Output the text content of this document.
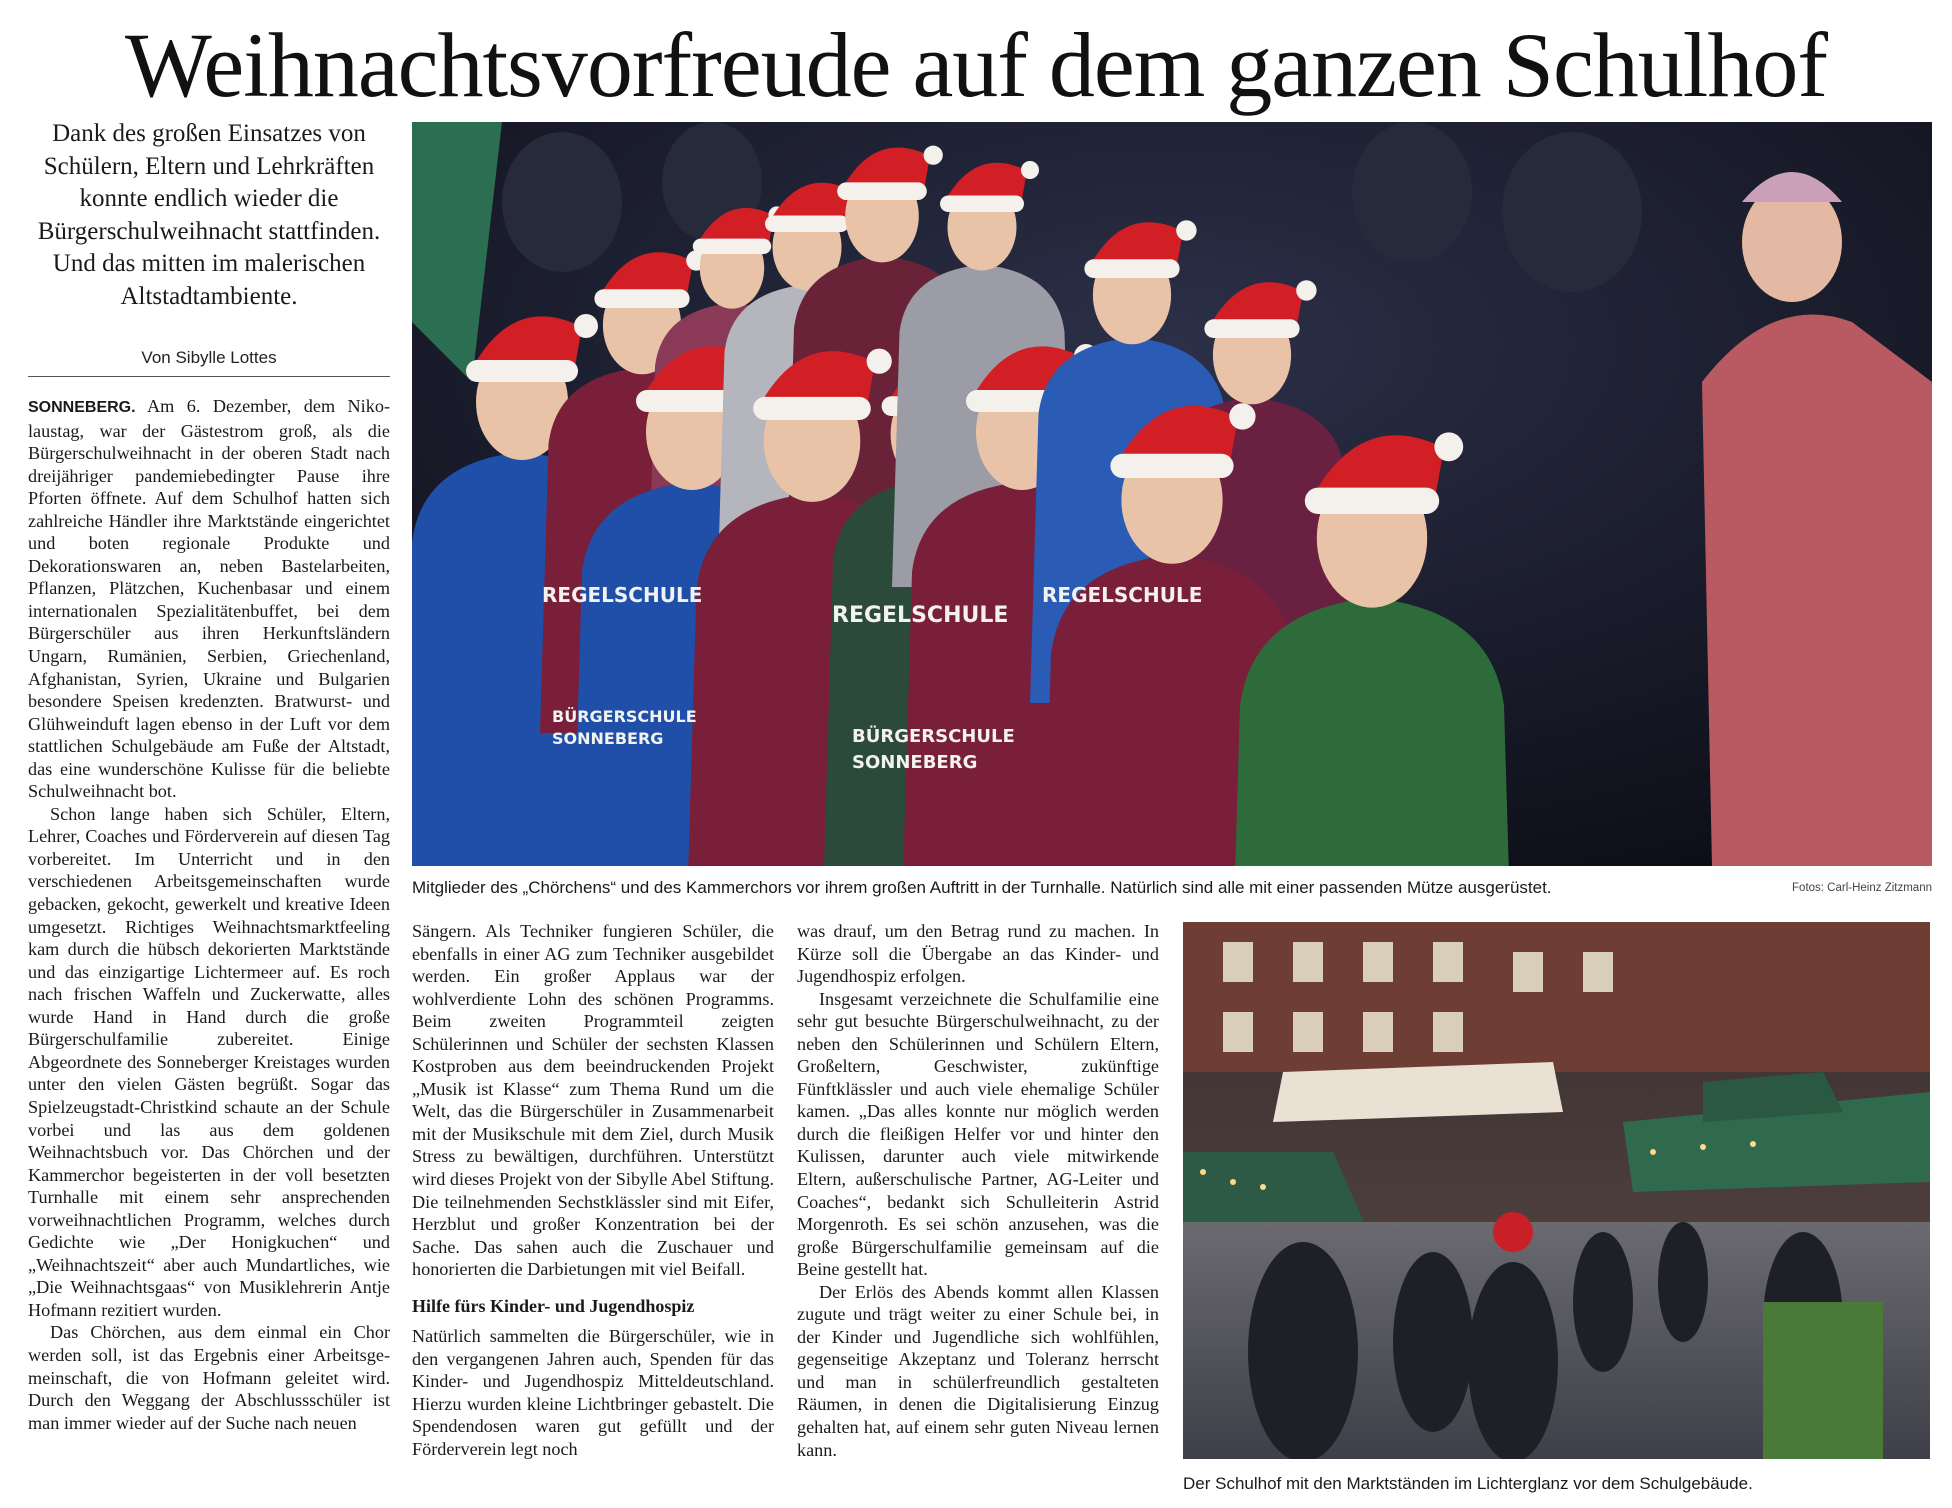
Weihnachtsvorfreude auf dem ganzen Schulhof
Dank des großen Einsatzes von Schülern, Eltern und Lehrkräften konnte endlich wieder die Bürgerschulweihnacht stattfinden. Und das mitten im malerischen Altstadtambiente.
Von Sibylle Lottes
REGELSCHULE
BÜRGERSCHULE
SONNEBERG
REGELSCHULE
BÜRGERSCHULE
SONNEBERG
REGELSCHULE
Mitglieder des „Chörchens“ und des Kammerchors vor ihrem großen Auftritt in der Turnhalle. Natürlich sind alle mit einer passenden Mütze ausgerüstet.	Fotos: Carl-Heinz Zitzmann

SONNEBERG. Am 6. Dezember, dem Nikolaustag, war der Gästestrom groß, als die Bürgerschulweihnacht in der oberen Stadt nach dreijähriger pandemiebedingter Pause ihre Pforten öffnete. Auf dem Schulhof hatten sich zahlreiche Händler ihre Marktstände eingerichtet und boten regionale Produkte und Dekorationswaren an, neben Bastelarbeiten, Pflanzen, Plätzchen, Kuchenbasar und einem internationalen Spezialitätenbuffet, bei dem Bürgerschüler aus ihren Herkunftsländern Ungarn, Rumänien, Serbien, Griechenland, Afghanistan, Syrien, Ukraine und Bulgarien besondere Speisen kredenzten. Bratwurst- und Glühweinduft lagen ebenso in der Luft vor dem stattlichen Schulgebäude am Fuße der Altstadt, das eine wunderschöne Kulisse für die beliebte Schulweihnacht bot.

Schon lange haben sich Schüler, Eltern, Lehrer, Coaches und Förderverein auf diesen Tag vorbereitet. Im Unterricht und in den verschiedenen Arbeitsgemeinschaften wurde gebacken, gekocht, gewerkelt und kreative Ideen umgesetzt. Richtiges Weihnachtsmarktfeeling kam durch die hübsch dekorierten Marktstände und das einzigartige Lichtermeer auf. Es roch nach frischen Waffeln und Zuckerwatte, alles wurde Hand in Hand durch die große Bürgerschulfamilie zubereitet. Einige Abgeordnete des Sonneberger Kreistages wurden unter den vielen Gästen begrüßt. Sogar das Spielzeugstadt-Christkind schaute an der Schule vorbei und las aus dem goldenen Weihnachtsbuch vor. Das Chörchen und der Kammerchor begeisterten in der voll besetzten Turnhalle mit einem sehr ansprechenden vorweihnachtlichen Programm, welches durch Gedichte wie „Der Honigkuchen“ und „Weihnachtszeit“ aber auch Mundartliches, wie „Die Weihnachtsgaas“ von Musiklehrerin Antje Hofmann rezitiert wurden.

Das Chörchen, aus dem einmal ein Chor werden soll, ist das Ergebnis einer Arbeitsgemeinschaft, die von Hofmann geleitet wird. Durch den Weggang der Abschlussschüler ist man immer wieder auf der Suche nach neuen

Sängern. Als Techniker fungieren Schüler, die ebenfalls in einer AG zum Techniker ausgebildet werden. Ein großer Applaus war der wohlverdiente Lohn des schönen Programms. Beim zweiten Programmteil zeigten Schülerinnen und Schüler der sechsten Klassen Kostproben aus dem beeindruckenden Projekt „Musik ist Klasse“ zum Thema Rund um die Welt, das die Bürgerschüler in Zusammenarbeit mit der Musikschule mit dem Ziel, durch Musik Stress zu bewältigen, durchführen. Unterstützt wird dieses Projekt von der Sibylle Abel Stiftung. Die teilnehmenden Sechstklässler sind mit Eifer, Herzblut und großer Konzentration bei der Sache. Das sahen auch die Zuschauer und honorierten die Darbietungen mit viel Beifall.

Hilfe fürs Kinder- und Jugendhospiz

Natürlich sammelten die Bürgerschüler, wie in den vergangenen Jahren auch, Spenden für das Kinder- und Jugendhospiz Mitteldeutschland. Hierzu wurden kleine Lichtbringer gebastelt. Die Spendendosen waren gut gefüllt und der Förderverein legt noch

was drauf, um den Betrag rund zu machen. In Kürze soll die Übergabe an das Kinder- und Jugendhospiz erfolgen.

Insgesamt verzeichnete die Schulfamilie eine sehr gut besuchte Bürgerschulweihnacht, zu der neben den Schülerinnen und Schülern Eltern, Großeltern, Geschwister, zukünftige Fünftklässler und auch viele ehemalige Schüler kamen. „Das alles konnte nur möglich werden durch die fleißigen Helfer vor und hinter den Kulissen, darunter auch viele mitwirkende Eltern, außerschulische Partner, AG-Leiter und Coaches“, bedankt sich Schulleiterin Astrid Morgenroth. Es sei schön anzusehen, was die große Bürgerschulfamilie gemeinsam auf die Beine gestellt hat.

Der Erlös des Abends kommt allen Klassen zugute und trägt weiter zu einer Schule bei, in der Kinder und Jugendliche sich wohlfühlen, gegenseitige Akzeptanz und Toleranz herrscht und man in schülerfreundlich gestalteten Räumen, in denen die Digitalisierung Einzug gehalten hat, auf einem sehr guten Niveau lernen kann.

Der Schulhof mit den Marktständen im Lichterglanz vor dem Schulgebäude.
